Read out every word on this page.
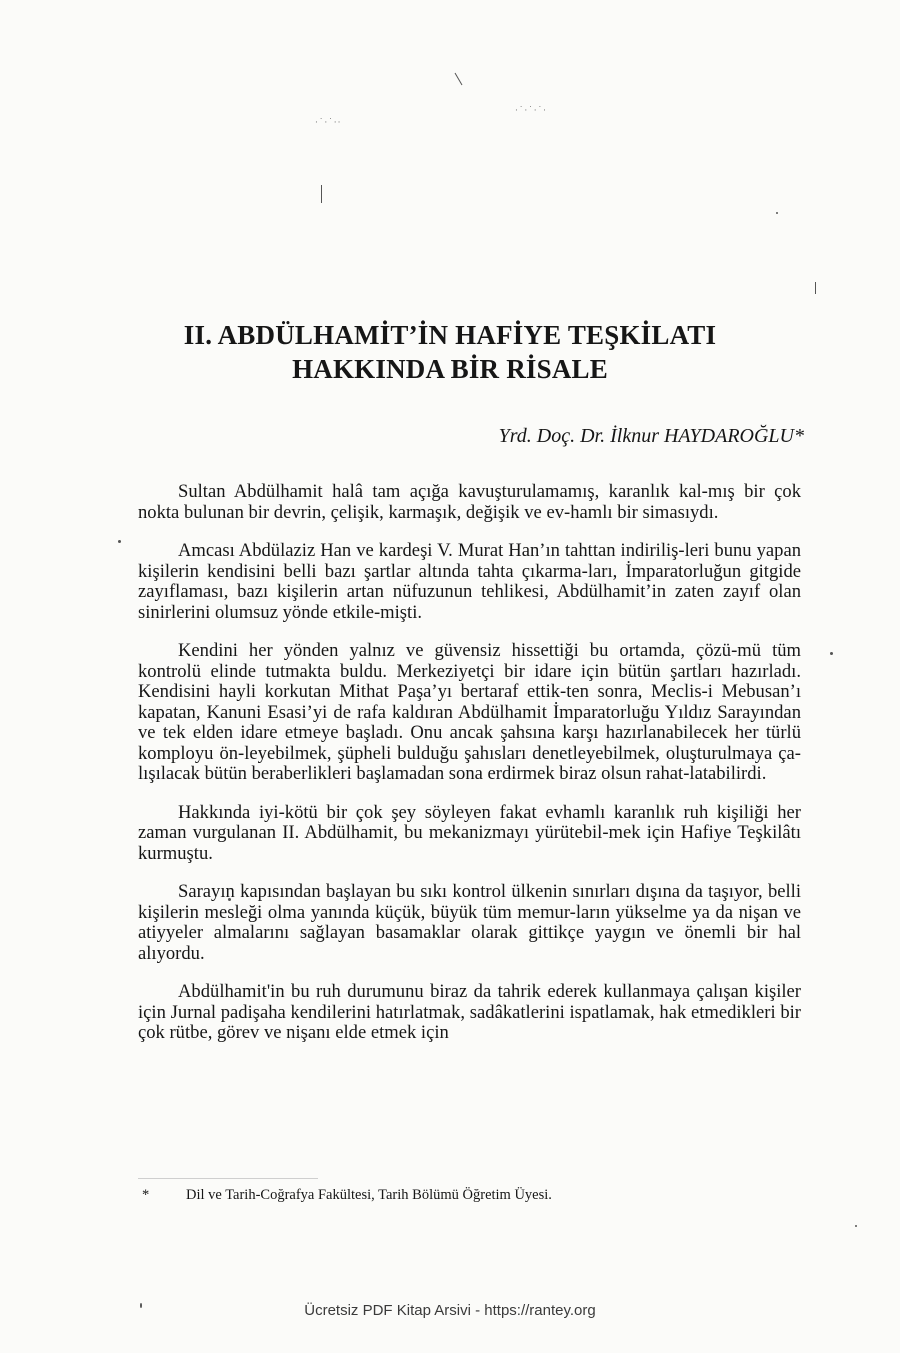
·˙·˙··
·˙·˙·˙·
II. ABDÜLHAMİT’İN HAFİYE TEŞKİLATI
HAKKINDA BİR RİSALE

Yrd. Doç. Dr. İlknur HAYDAROĞLU*

Sultan Abdülhamit halâ tam açığa kavuşturulamamış, karanlık kal-mış bir çok nokta bulunan bir devrin, çelişik, karmaşık, değişik ve ev-hamlı bir simasıydı.

Amcası Abdülaziz Han ve kardeşi V. Murat Han’ın tahttan indiriliş-leri bunu yapan kişilerin kendisini belli bazı şartlar altında tahta çıkarma-ları, İmparatorluğun gitgide zayıflaması, bazı kişilerin artan nüfuzunun tehlikesi, Abdülhamit’in zaten zayıf olan sinirlerini olumsuz yönde etkile-mişti.

Kendini her yönden yalnız ve güvensiz hissettiği bu ortamda, çözü-mü tüm kontrolü elinde tutmakta buldu. Merkeziyetçi bir idare için bütün şartları hazırladı. Kendisini hayli korkutan Mithat Paşa’yı bertaraf ettik-ten sonra, Meclis-i Mebusan’ı kapatan, Kanuni Esasi’yi de rafa kaldıran Abdülhamit İmparatorluğu Yıldız Sarayından ve tek elden idare etmeye başladı. Onu ancak şahsına karşı hazırlanabilecek her türlü komployu ön-leyebilmek, şüpheli bulduğu şahısları denetleyebilmek, oluşturulmaya ça-lışılacak bütün beraberlikleri başlamadan sona erdirmek biraz olsun rahat-latabilirdi.

Hakkında iyi-kötü bir çok şey söyleyen fakat evhamlı karanlık ruh kişiliği her zaman vurgulanan II. Abdülhamit, bu mekanizmayı yürütebil-mek için Hafiye Teşkilâtı kurmuştu.

Sarayın kapısından başlayan bu sıkı kontrol ülkenin sınırları dışına da taşıyor, belli kişilerin mesleği olma yanında küçük, büyük tüm memur-ların yükselme ya da nişan ve atiyyeler almalarını sağlayan basamaklar olarak gittikçe yaygın ve önemli bir hal alıyordu.

Abdülhamit'in bu ruh durumunu biraz da tahrik ederek kullanmaya çalışan kişiler için Jurnal padişaha kendilerini hatırlatmak, sadâkatlerini ispatlamak, hak etmedikleri bir çok rütbe, görev ve nişanı elde etmek için

*	Dil ve Tarih-Coğrafya Fakültesi, Tarih Bölümü Öğretim Üyesi.

Ücretsiz PDF Kitap Arsivi - https://rantey.org
